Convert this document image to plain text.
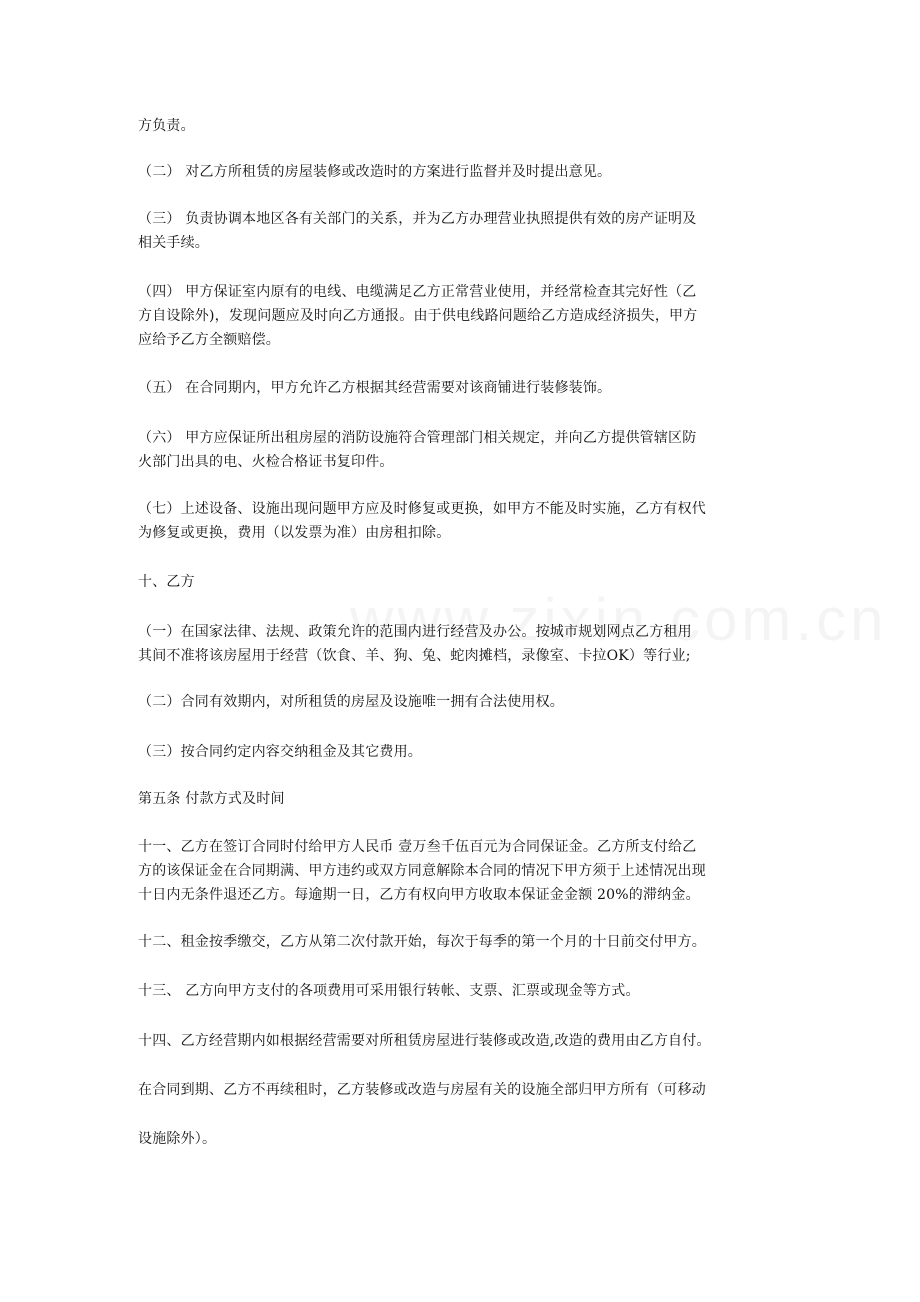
方负责。
（二） 对乙方所租赁的房屋装修或改造时的方案进行监督并及时提出意见。
（三） 负责协调本地区各有关部门的关系，并为乙方办理营业执照提供有效的房产证明及
相关手续。
（四） 甲方保证室内原有的电线、电缆满足乙方正常营业使用，并经常检查其完好性（乙
方自设除外)，发现问题应及时向乙方通报。由于供电线路问题给乙方造成经济损失，甲方
应给予乙方全额赔偿。
（五） 在合同期内，甲方允许乙方根据其经营需要对该商铺进行装修装饰。
（六） 甲方应保证所出租房屋的消防设施符合管理部门相关规定，并向乙方提供管辖区防
火部门出具的电、火检合格证书复印件。
（七）上述设备、设施出现问题甲方应及时修复或更换，如甲方不能及时实施，乙方有权代
为修复或更换，费用（以发票为准）由房租扣除。
十、乙方
（一）在国家法律、法规、政策允许的范围内进行经营及办公。按城市规划网点乙方租用
其间不准将该房屋用于经营（饮食、羊、狗、兔、蛇肉摊档，录像室、卡拉OK）等行业;
（二）合同有效期内，对所租赁的房屋及设施唯一拥有合法使用权。
（三）按合同约定内容交纳租金及其它费用。
第五条 付款方式及时间
十一、乙方在签订合同时付给甲方人民币 壹万叁千伍百元为合同保证金。乙方所支付给乙
方的该保证金在合同期满、甲方违约或双方同意解除本合同的情况下甲方须于上述情况出现
十日内无条件退还乙方。每逾期一日，乙方有权向甲方收取本保证金金额 20%的滞纳金。
十二、租金按季缴交，乙方从第二次付款开始，每次于每季的第一个月的十日前交付甲方。
十三、 乙方向甲方支付的各项费用可采用银行转帐、支票、汇票或现金等方式。
十四、乙方经营期内如根据经营需要对所租赁房屋进行装修或改造,改造的费用由乙方自付。
在合同到期、乙方不再续租时，乙方装修或改造与房屋有关的设施全部归甲方所有（可移动
设施除外）。
